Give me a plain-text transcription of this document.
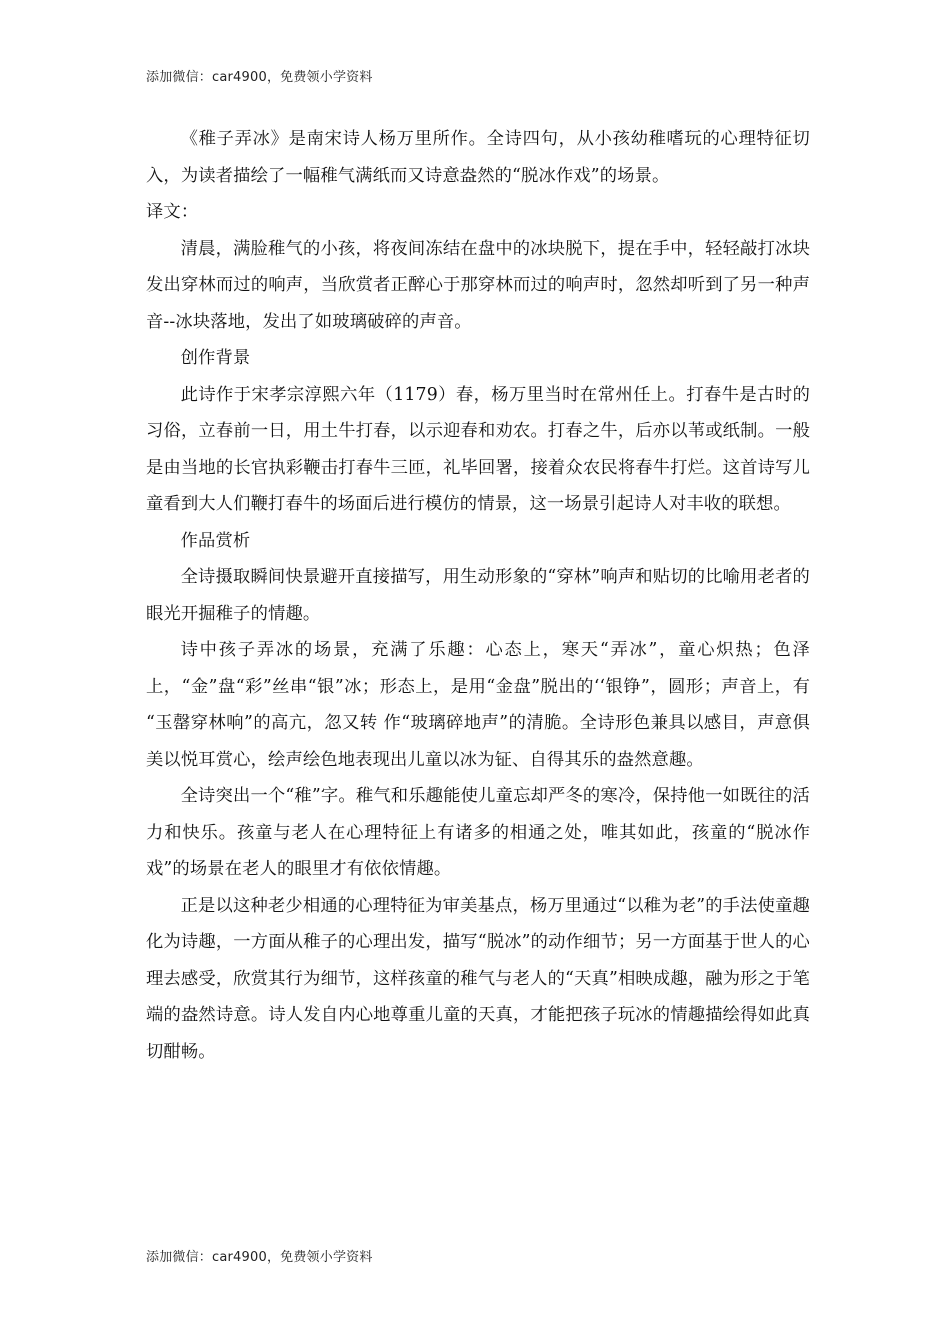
添加微信：car4900，免费领小学资料

《稚子弄冰》是南宋诗人杨万里所作。全诗四句，从小孩幼稚嗜玩的心理特征切入，为读者描绘了一幅稚气满纸而又诗意盎然的“脱冰作戏”的场景。

译文：

清晨，满脸稚气的小孩，将夜间冻结在盘中的冰块脱下，提在手中，轻轻敲打冰块发出穿林而过的响声，当欣赏者正醉心于那穿林而过的响声时，忽然却听到了另一种声音--冰块落地，发出了如玻璃破碎的声音。

创作背景

此诗作于宋孝宗淳熙六年（1179）春，杨万里当时在常州任上。打春牛是古时的习俗，立春前一日，用土牛打春，以示迎春和劝农。打春之牛，后亦以苇或纸制。一般是由当地的长官执彩鞭击打春牛三匝，礼毕回署，接着众农民将春牛打烂。这首诗写儿童看到大人们鞭打春牛的场面后进行模仿的情景，这一场景引起诗人对丰收的联想。

作品赏析

全诗摄取瞬间快景避开直接描写，用生动形象的“穿林”响声和贴切的比喻用老者的眼光开掘稚子的情趣。

诗中孩子弄冰的场景，充满了乐趣：心态上，寒天“弄冰”，童心炽热；色泽上，“金”盘“彩”丝串“银”冰；形态上，是用“金盘”脱出的‘‘银铮”，圆形；声音上，有 “玉罄穿林响”的高亢，忽又转 作“玻璃碎地声”的清脆。全诗形色兼具以感目，声意俱美以悦耳赏心，绘声绘色地表现出儿童以冰为钲、自得其乐的盎然意趣。

全诗突出一个“稚”字。稚气和乐趣能使儿童忘却严冬的寒冷，保持他一如既往的活力和快乐。孩童与老人在心理特征上有诸多的相通之处，唯其如此，孩童的“脱冰作戏”的场景在老人的眼里才有依依情趣。

正是以这种老少相通的心理特征为审美基点，杨万里通过“以稚为老”的手法使童趣化为诗趣，一方面从稚子的心理出发，描写“脱冰”的动作细节；另一方面基于世人的心理去感受，欣赏其行为细节，这样孩童的稚气与老人的“天真”相映成趣，融为形之于笔端的盎然诗意。诗人发自内心地尊重儿童的天真，才能把孩子玩冰的情趣描绘得如此真切酣畅。

添加微信：car4900，免费领小学资料
